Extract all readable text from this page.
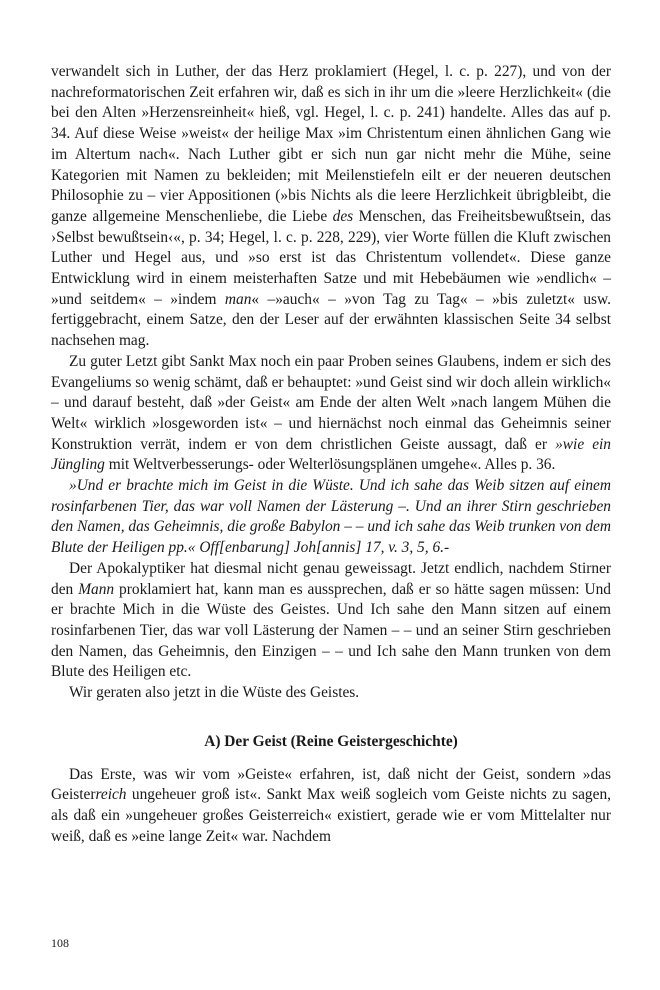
verwandelt sich in Luther, der das Herz proklamiert (Hegel, l. c. p. 227), und von der nachreformatorischen Zeit erfahren wir, daß es sich in ihr um die »leere Herzlichkeit« (die bei den Alten »Herzensreinheit« hieß, vgl. Hegel, l. c. p. 241) handelte. Alles das auf p. 34. Auf diese Weise »weist« der heilige Max »im Christentum einen ähnlichen Gang wie im Altertum nach«. Nach Luther gibt er sich nun gar nicht mehr die Mühe, seine Kategorien mit Namen zu bekleiden; mit Meilenstiefeln eilt er der neueren deutschen Philosophie zu – vier Appositionen (»bis Nichts als die leere Herzlichkeit übrigbleibt, die ganze allgemeine Menschenliebe, die Liebe des Menschen, das Freiheitsbewußtsein, das ›Selbst bewußtsein‹«, p. 34; Hegel, l. c. p. 228, 229), vier Worte füllen die Kluft zwischen Luther und Hegel aus, und »so erst ist das Christentum vollendet«. Diese ganze Entwicklung wird in einem meisterhaften Satze und mit Hebebäumen wie »endlich« – »und seitdem« – »indem man« –»auch« – »von Tag zu Tag« – »bis zuletzt« usw. fertiggebracht, einem Satze, den der Leser auf der erwähnten klassischen Seite 34 selbst nachsehen mag.

Zu guter Letzt gibt Sankt Max noch ein paar Proben seines Glaubens, indem er sich des Evangeliums so wenig schämt, daß er behauptet: »und Geist sind wir doch allein wirklich« – und darauf besteht, daß »der Geist« am Ende der alten Welt »nach langem Mühen die Welt« wirklich »losgeworden ist« – und hiernächst noch einmal das Geheimnis seiner Konstruktion verrät, indem er von dem christlichen Geiste aussagt, daß er »wie ein Jüngling mit Weltverbesserungs- oder Welterlösungsplänen umgehe«. Alles p. 36.

»Und er brachte mich im Geist in die Wüste. Und ich sahe das Weib sitzen auf einem rosinfarbenen Tier, das war voll Namen der Lästerung –. Und an ihrer Stirn geschrieben den Namen, das Geheimnis, die große Babylon – – und ich sahe das Weib trunken von dem Blute der Heiligen pp.« Off[enbarung] Joh[annis] 17, v. 3, 5, 6.-

Der Apokalyptiker hat diesmal nicht genau geweissagt. Jetzt endlich, nachdem Stirner den Mann proklamiert hat, kann man es aussprechen, daß er so hätte sagen müssen: Und er brachte Mich in die Wüste des Geistes. Und Ich sahe den Mann sitzen auf einem rosinfarbenen Tier, das war voll Lästerung der Namen – – und an seiner Stirn geschrieben den Namen, das Geheimnis, den Einzigen – – und Ich sahe den Mann trunken von dem Blute des Heiligen etc.

Wir geraten also jetzt in die Wüste des Geistes.

A) Der Geist (Reine Geistergeschichte)

Das Erste, was wir vom »Geiste« erfahren, ist, daß nicht der Geist, sondern »das Geisterreich ungeheuer groß ist«. Sankt Max weiß sogleich vom Geiste nichts zu sagen, als daß ein »ungeheuer großes Geisterreich« existiert, gerade wie er vom Mittelalter nur weiß, daß es »eine lange Zeit« war. Nachdem

108
